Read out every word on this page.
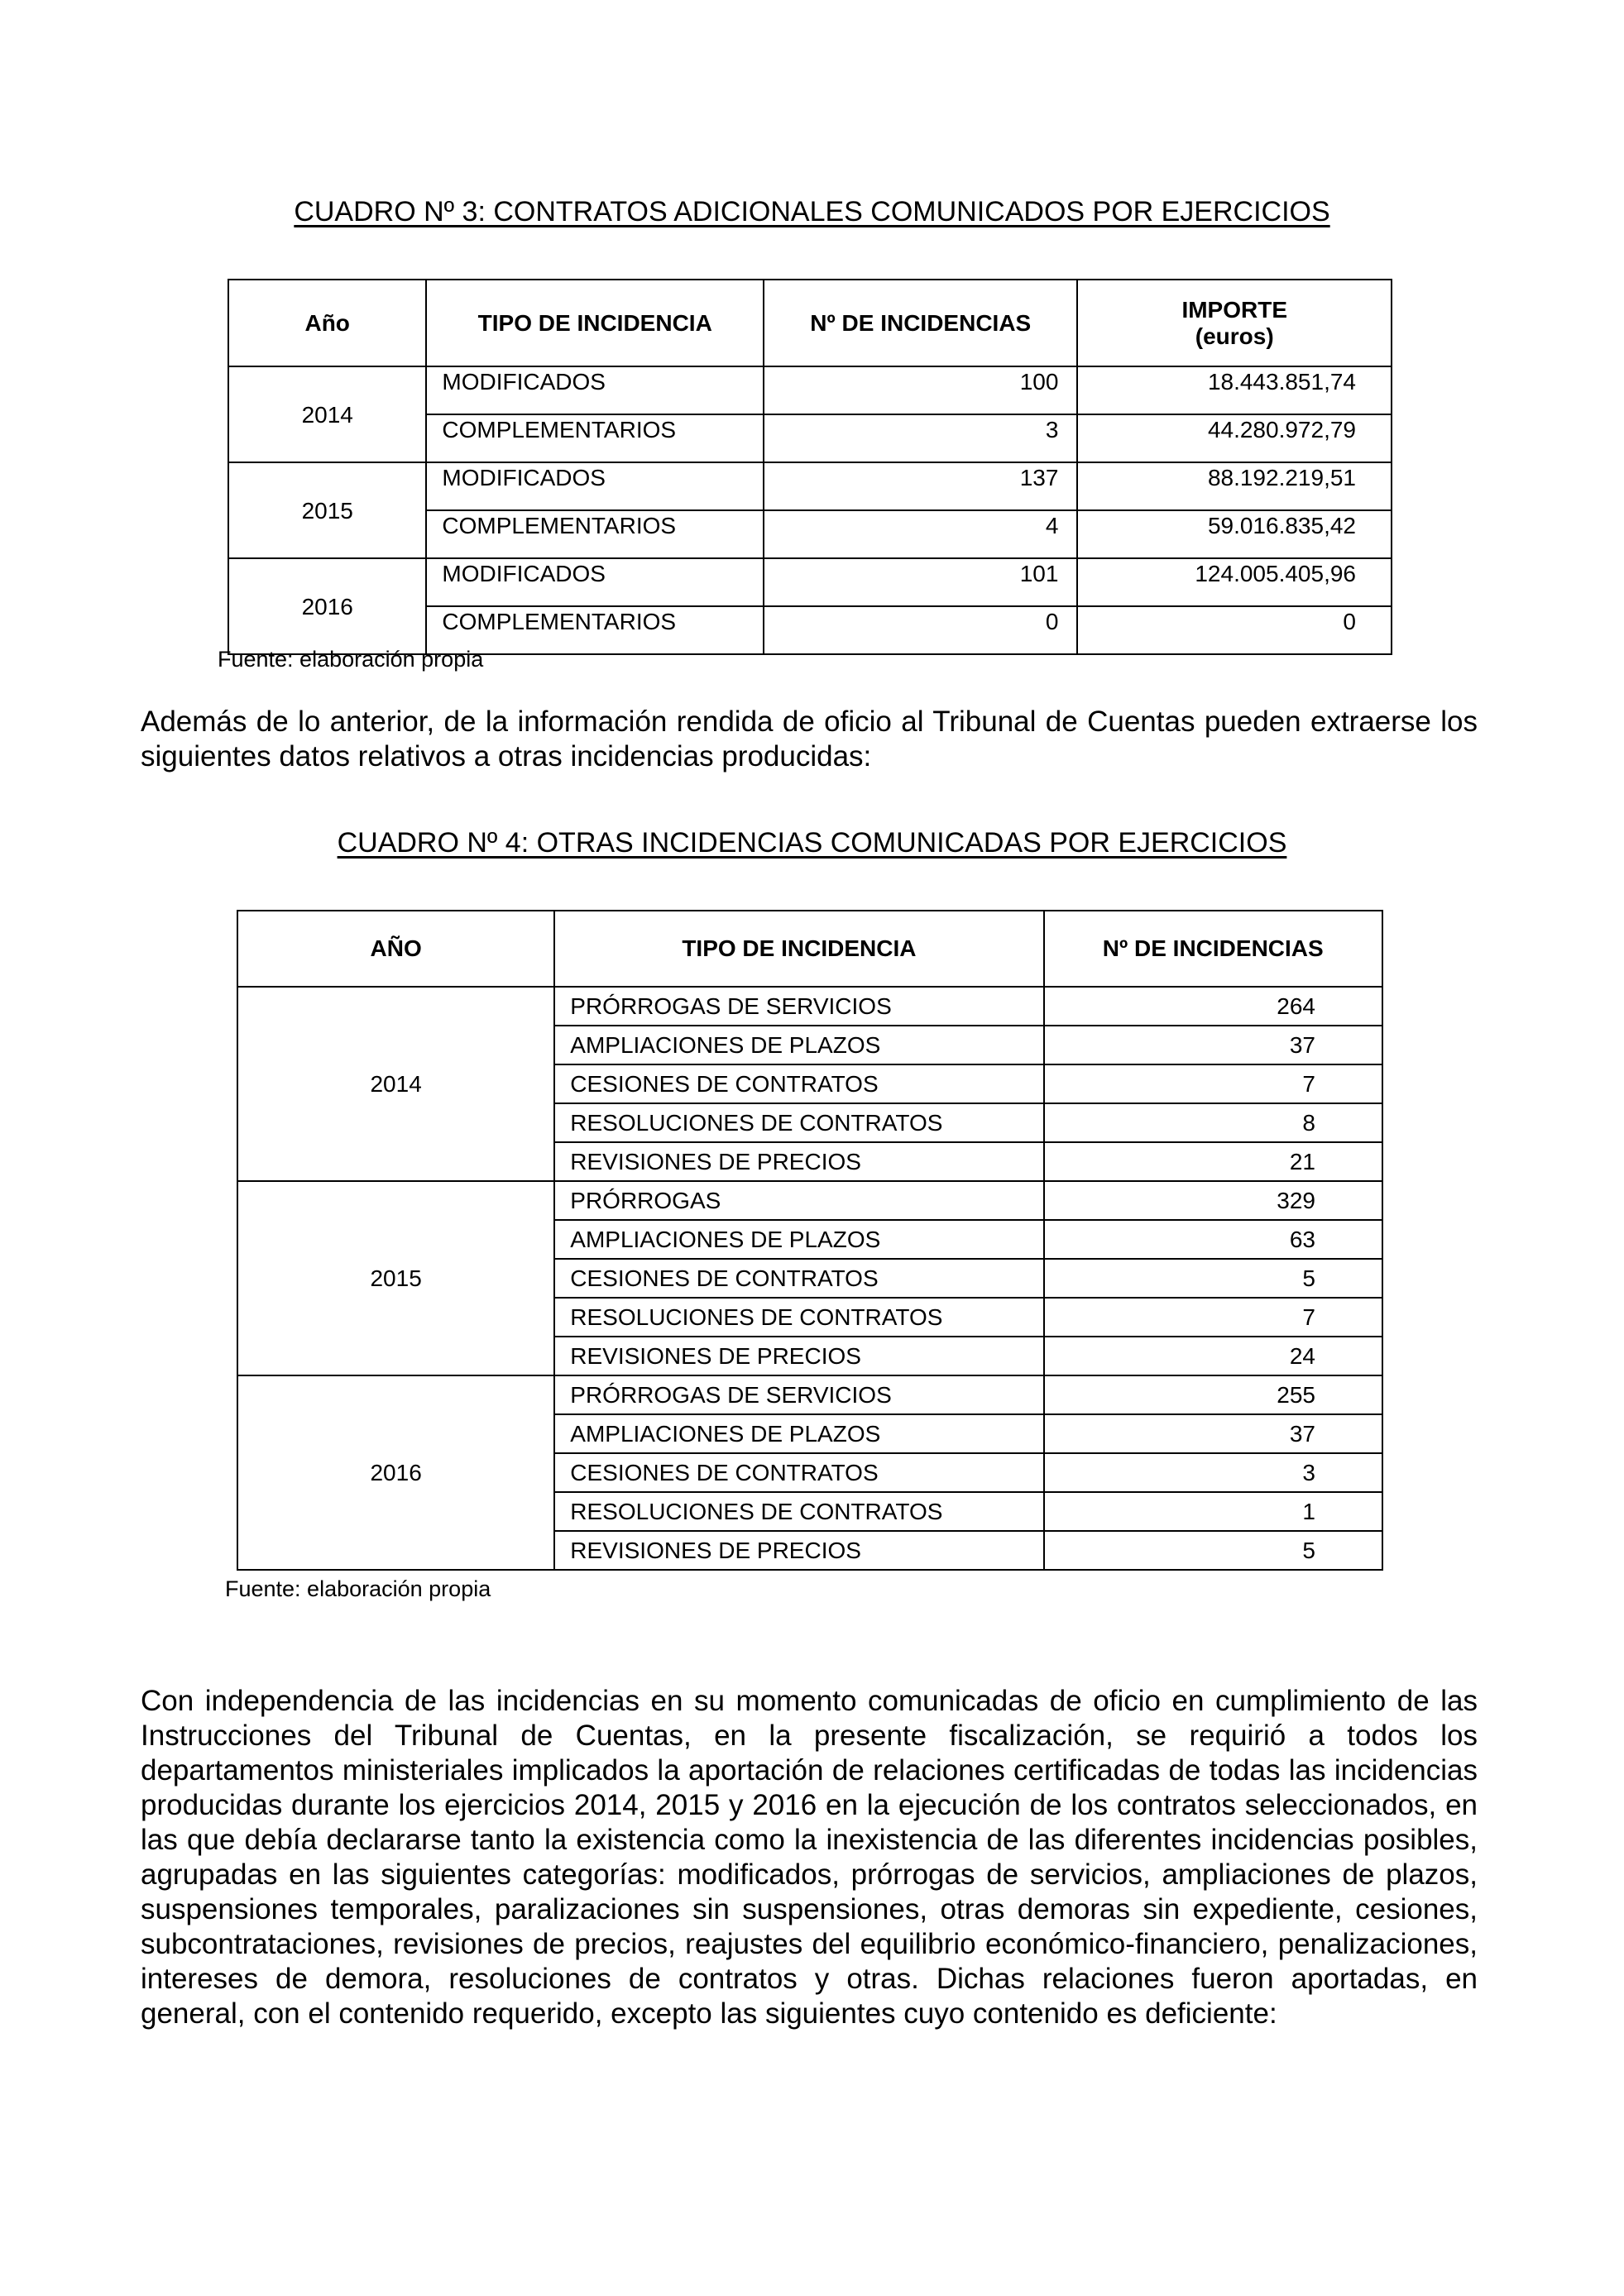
CUADRO Nº 3: CONTRATOS ADICIONALES COMUNICADOS POR EJERCICIOS
Año	TIPO DE INCIDENCIA	Nº DE INCIDENCIAS	IMPORTE
(euros)

2014	MODIFICADOS	100	18.443.851,74
	COMPLEMENTARIOS	3	44.280.972,79
2015	MODIFICADOS	137	88.192.219,51
	COMPLEMENTARIOS	4	59.016.835,42
2016	MODIFICADOS	101	124.005.405,96
	COMPLEMENTARIOS	0	0
Fuente: elaboración propia

Además de lo anterior, de la información rendida de oficio al Tribunal de Cuentas pueden extraerse los siguientes datos relativos a otras incidencias producidas:

CUADRO Nº 4: OTRAS INCIDENCIAS COMUNICADAS POR EJERCICIOS
AÑO	TIPO DE INCIDENCIA	Nº DE INCIDENCIAS
2014	PRÓRROGAS DE SERVICIOS	264
	AMPLIACIONES DE PLAZOS	37
	CESIONES DE CONTRATOS	7
	RESOLUCIONES DE CONTRATOS	8
	REVISIONES DE PRECIOS	21
2015	PRÓRROGAS	329
	AMPLIACIONES DE PLAZOS	63
	CESIONES DE CONTRATOS	5
	RESOLUCIONES DE CONTRATOS	7
	REVISIONES DE PRECIOS	24
2016	PRÓRROGAS DE SERVICIOS	255
	AMPLIACIONES DE PLAZOS	37
	CESIONES DE CONTRATOS	3
	RESOLUCIONES DE CONTRATOS	1
	REVISIONES DE PRECIOS	5
Fuente: elaboración propia

Con independencia de las incidencias en su momento comunicadas de oficio en cumplimiento de las Instrucciones del Tribunal de Cuentas, en la presente fiscalización, se requirió a todos los departamentos ministeriales implicados la aportación de relaciones certificadas de todas las incidencias producidas durante los ejercicios 2014, 2015 y 2016 en la ejecución de los contratos seleccionados, en las que debía declararse tanto la existencia como la inexistencia de las diferentes incidencias posibles, agrupadas en las siguientes categorías: modificados, prórrogas de servicios, ampliaciones de plazos, suspensiones temporales, paralizaciones sin suspensiones, otras demoras sin expediente, cesiones, subcontrataciones, revisiones de precios, reajustes del equilibrio económico-financiero, penalizaciones, intereses de demora, resoluciones de contratos y otras. Dichas relaciones fueron aportadas, en general, con el contenido requerido, excepto las siguientes cuyo contenido es deficiente:
